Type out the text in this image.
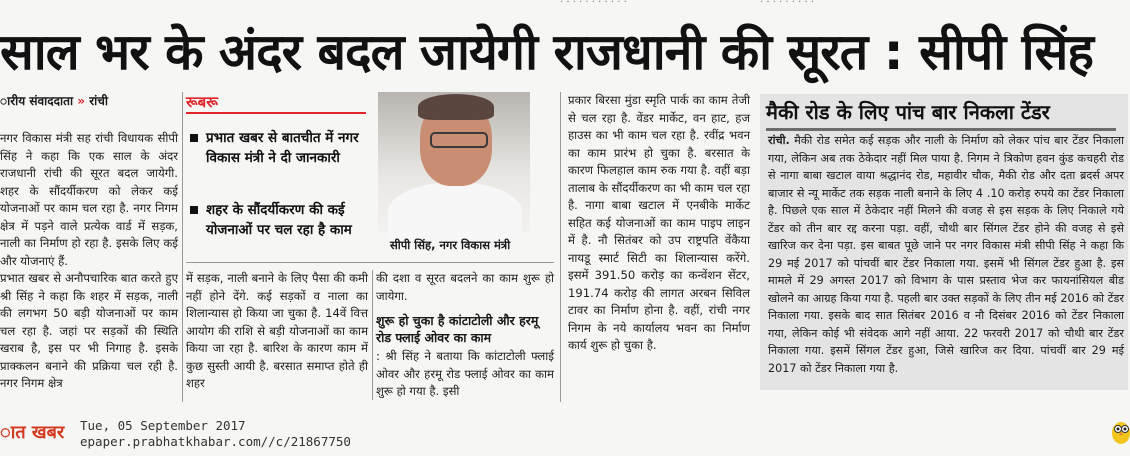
साल भर के अंदर बदल जायेगी राजधानी की सूरत : सीपी सिंह
ारीय संवाददाता » रांची
नगर विकास मंत्री सह रांची विधायक सीपी सिंह ने कहा कि एक साल के अंदर राजधानी रांची की सूरत बदल जायेगी. शहर के सौंदर्यीकरण को लेकर कई योजनाओं पर काम चल रहा है. नगर निगम क्षेत्र में पड़ने वाले प्रत्येक वार्ड में सड़क, नाली का निर्माण हो रहा है. इसके लिए कई और योजनाएं हैं.
प्रभात खबर से अनौपचारिक बात करते हुए श्री सिंह ने कहा कि शहर में सड़क, नाली की लगभग 50 बड़ी योजनाओं पर काम चल रहा है. जहां पर सड़कों की स्थिति खराब है, इस पर भी निगाह है. इसके प्राक्कलन बनाने की प्रक्रिया चल रही है. नगर निगम क्षेत्र
रूबरू
प्रभात खबर से बातचीत में नगर विकास मंत्री ने दी जानकारी
शहर के सौंदर्यीकरण की कई योजनाओं पर चल रहा है काम
सीपी सिंह, नगर विकास मंत्री
में सड़क, नाली बनाने के लिए पैसा की कमी नहीं होने देंगे. कई सड़कों व नाला का शिलान्यास हो किया जा चुका है. 14वें वित्त आयोग की राशि से बड़ी योजनाओं का काम किया जा रहा है. बारिश के कारण काम में कुछ सुस्ती आयी है. बरसात समाप्त होते ही शहर
की दशा व सूरत बदलने का काम शुरू हो जायेगा.
शुरू हो चुका है कांटाटोली और हरमू रोड फ्लाई ओवर का काम
: श्री सिंह ने बताया कि कांटाटोली फ्लाई ओवर और हरमू रोड फ्लाई ओवर का काम शुरू हो गया है. इसी
प्रकार बिरसा मुंडा स्मृति पार्क का काम तेजी से चल रहा है. वेंडर मार्केट, वन हाट, हज हाउस का भी काम चल रहा है. रवींद्र भवन का काम प्रारंभ हो चुका है. बरसात के कारण फिलहाल काम रुक गया है. वहीं बड़ा तालाब के सौंदर्यीकरण का भी काम चल रहा है. नागा बाबा खटाल में एनबीके मार्केट सहित कई योजनाओं का काम पाइप लाइन में है. नौ सितंबर को उप राष्ट्रपति वेंकैया नायडू स्मार्ट सिटी का शिलान्यास करेंगे. इसमें 391.50 करोड़ का कन्वेंशन सेंटर, 191.74 करोड़ की लागत अरबन सिविल टावर का निर्माण होना है. वहीं, रांची नगर निगम के नये कार्यालय भवन का निर्माण कार्य शुरू हो चुका है.
मैकी रोड के लिए पांच बार निकला टेंडर
रांची. मैकी रोड समेत कई सड़क और नाली के निर्माण को लेकर पांच बार टेंडर निकाला गया, लेकिन अब तक ठेकेदार नहीं मिल पाया है. निगम ने त्रिकोण हवन कुंड कचहरी रोड से नागा बाबा खटाल वाया श्रद्धानंद रोड, महावीर चौक, मैकी रोड और दता ब्रदर्स अपर बाजार से न्यू मार्केट तक सड़क नाली बनाने के लिए 4 .10 करोड़ रुपये का टेंडर निकाला है. पिछले एक साल में ठेकेदार नहीं मिलने की वजह से इस सड़क के लिए निकाले गये टेंडर को तीन बार रद्द करना पड़ा. वहीं, चौथी बार सिंगल टेंडर होने की वजह से इसे खारिज कर देना पड़ा. इस बाबत पूछे जाने पर नगर विकास मंत्री सीपी सिंह ने कहा कि 29 मई 2017 को पांचवीं बार टेंडर निकाला गया. इसमें भी सिंगल टेंडर हुआ है. इस मामले में 29 अगस्त 2017 को विभाग के पास प्रस्ताव भेज कर फायनांसियल बीड खोलने का आग्रह किया गया है. पहली बार उक्त सड़कों के लिए तीन मई 2016 को टेंडर निकाला गया. इसके बाद सात सितंबर 2016 व नौ दिसंबर 2016 को टेंडर निकाला गया, लेकिन कोई भी संवेदक आगे नहीं आया. 22 फरवरी 2017 को चौथी बार टेंडर निकाला गया. इसमें सिंगल टेंडर हुआ, जिसे खारिज कर दिया. पांचवीं बार 29 मई 2017 को टेंडर निकाला गया है.
ात खबर Tue, 05 September 2017
epaper.prabhatkhabar.com//c/21867750
